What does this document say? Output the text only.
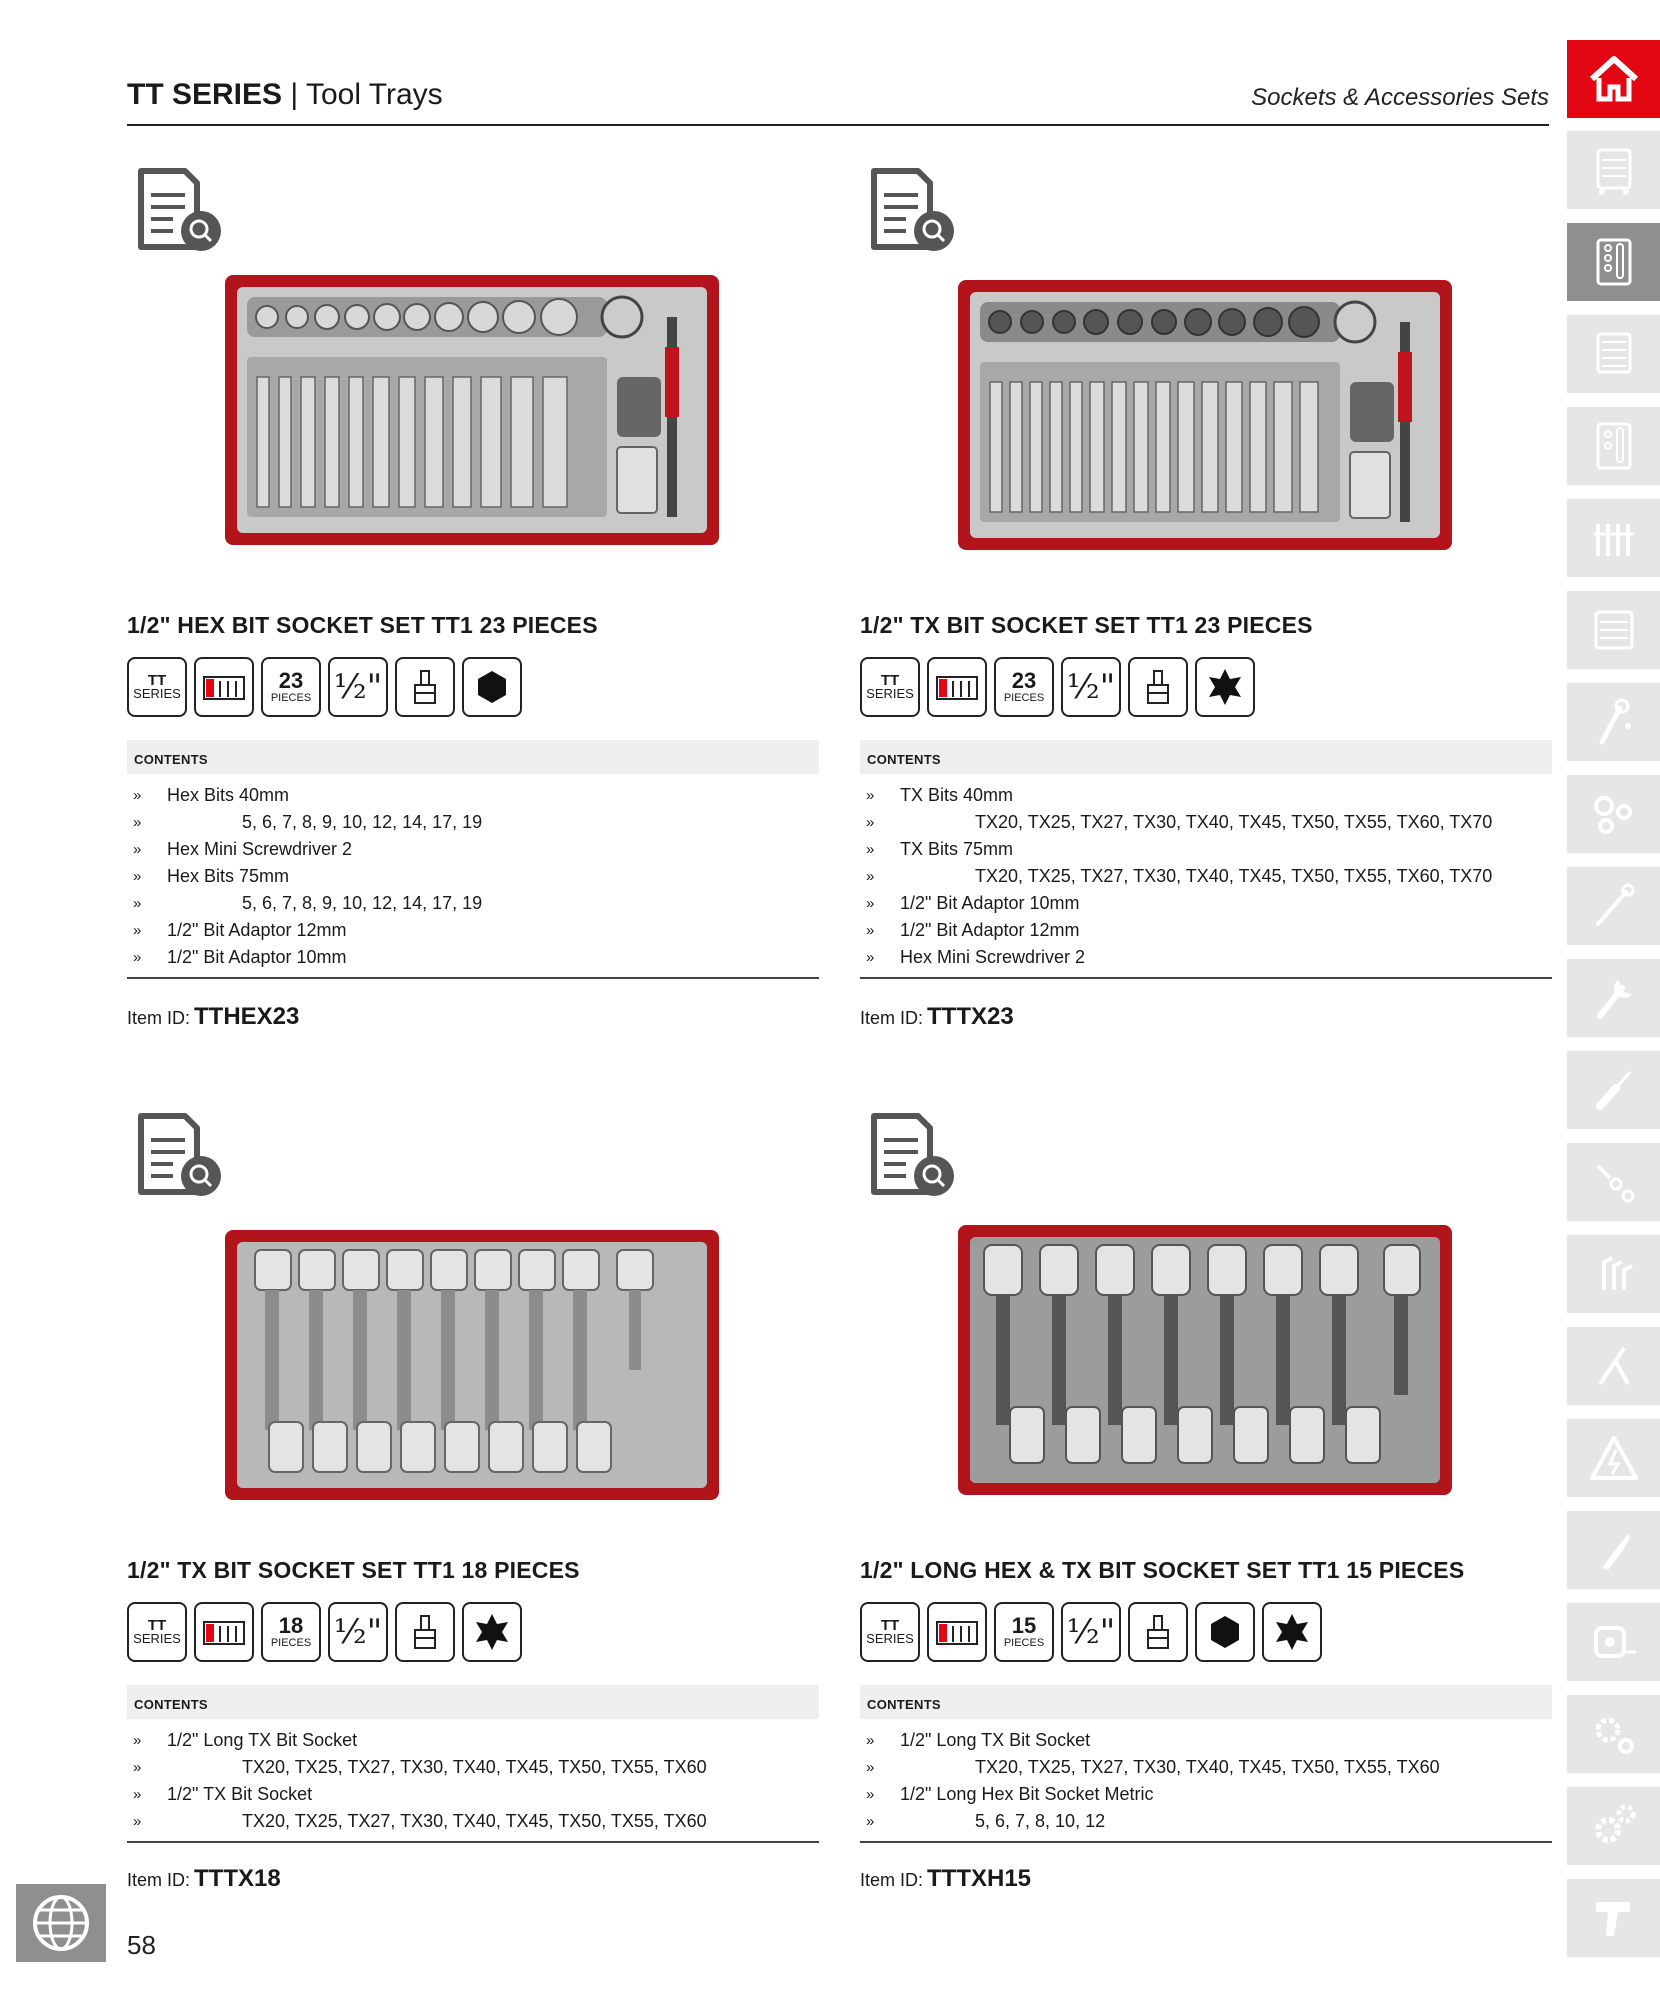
TT SERIES | Tool Trays	Sockets & Accessories Sets
1/2" HEX BIT SOCKET SET TT1 23 PIECES
TT
SERIES
23
PIECES ½"
CONTENTS
» Hex Bits 40mm
»	5, 6, 7, 8, 9, 10, 12, 14, 17, 19
» Hex Mini Screwdriver 2
» Hex Bits 75mm
»	5, 6, 7, 8, 9, 10, 12, 14, 17, 19
» 1/2" Bit Adaptor 12mm
» 1/2" Bit Adaptor 10mm
Item ID: TTHEX23
1/2" TX BIT SOCKET SET TT1 23 PIECES
TT
SERIES
23
PIECES ½"
CONTENTS
» TX Bits 40mm
»	TX20, TX25, TX27, TX30, TX40, TX45, TX50, TX55, TX60, TX70
» TX Bits 75mm
»	TX20, TX25, TX27, TX30, TX40, TX45, TX50, TX55, TX60, TX70
» 1/2" Bit Adaptor 10mm
» 1/2" Bit Adaptor 12mm
» Hex Mini Screwdriver 2
Item ID: TTTX23
1/2" TX BIT SOCKET SET TT1 18 PIECES
TT
SERIES
18
PIECES ½"
CONTENTS
» 1/2" Long TX Bit Socket
»	TX20, TX25, TX27, TX30, TX40, TX45, TX50, TX55, TX60
» 1/2" TX Bit Socket
»	TX20, TX25, TX27, TX30, TX40, TX45, TX50, TX55, TX60
Item ID: TTTX18
1/2" LONG HEX & TX BIT SOCKET SET TT1 15 PIECES
TT
SERIES
15
PIECES ½"
CONTENTS
» 1/2" Long TX Bit Socket
»	TX20, TX25, TX27, TX30, TX40, TX45, TX50, TX55, TX60
» 1/2" Long Hex Bit Socket Metric
»	5, 6, 7, 8, 10, 12
Item ID: TTTXH15
58
